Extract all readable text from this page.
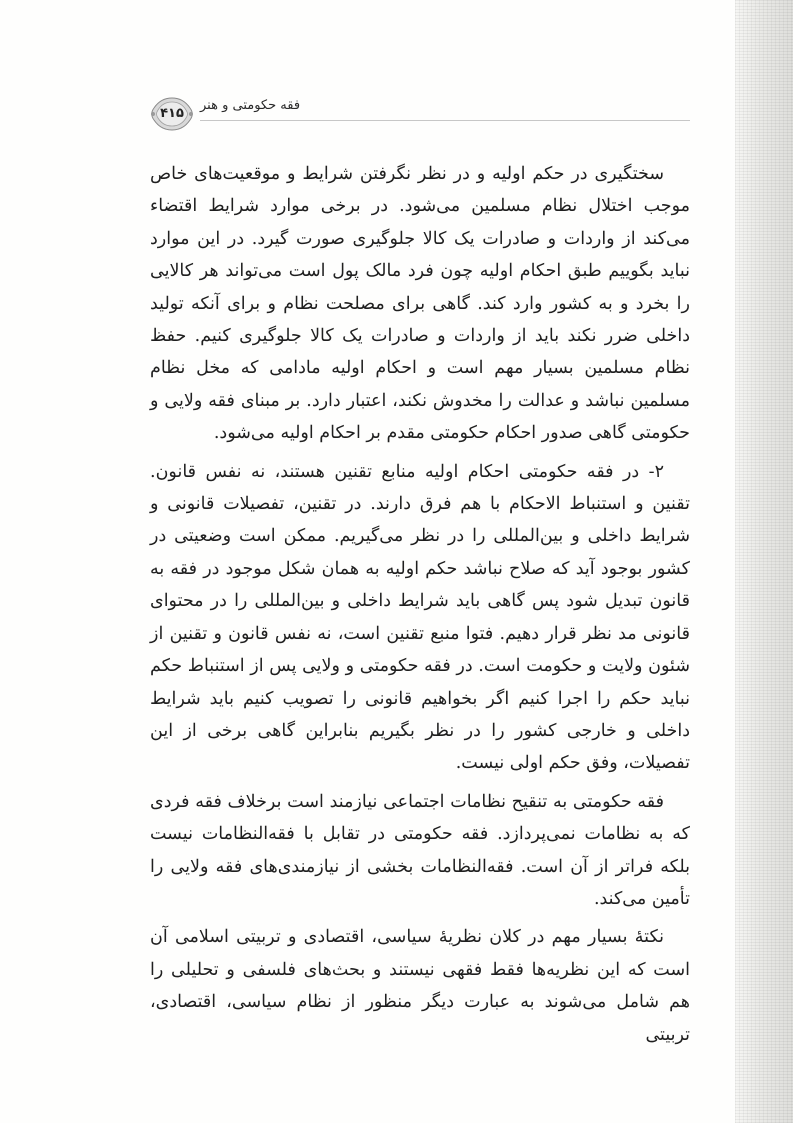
۴۱۵
فقه حکومتی و هنر

سختگیری در حکم اولیه و در نظر نگرفتن شرایط و موقعیت‌های خاص موجب اختلال نظام مسلمین می‌شود. در برخی موارد شرایط اقتضاء می‌کند از واردات و صادرات یک کالا جلوگیری صورت گیرد. در این موارد نباید بگوییم طبق احکام اولیه چون فرد مالک پول است می‌تواند هر کالایی را بخرد و به کشور وارد کند. گاهی برای مصلحت نظام و برای آنکه تولید داخلی ضرر نکند باید از واردات و صادرات یک کالا جلوگیری کنیم. حفظ نظام مسلمین بسیار مهم است و احکام اولیه مادامی که مخل نظام مسلمین نباشد و عدالت را مخدوش نکند، اعتبار دارد. بر مبنای فقه ولایی و حکومتی گاهی صدور احکام حکومتی مقدم بر احکام اولیه می‌شود.

۲- در فقه حکومتی احکام اولیه منابع تقنین هستند، نه نفس قانون. تقنین و استنباط الاحکام با هم فرق دارند. در تقنین، تفصیلات قانونی و شرایط داخلی و بین‌المللی را در نظر می‌گیریم. ممکن است وضعیتی در کشور بوجود آید که صلاح نباشد حکم اولیه به همان شکل موجود در فقه به قانون تبدیل شود پس گاهی باید شرایط داخلی و بین‌المللی را در محتوای قانونی مد نظر قرار دهیم. فتوا منبع تقنین است، نه نفس قانون و تقنین از شئون ولایت و حکومت است. در فقه حکومتی و ولایی پس از استنباط حکم نباید حکم را اجرا کنیم اگر بخواهیم قانونی را تصویب کنیم باید شرایط داخلی و خارجی کشور را در نظر بگیریم بنابراین گاهی برخی از این تفصیلات، وفق حکم اولی نیست.

فقه حکومتی به تنقیح نظامات اجتماعی نیازمند است برخلاف فقه فردی که به نظامات نمی‌پردازد. فقه حکومتی در تقابل با فقه‌النظامات نیست بلکه فراتر از آن است. فقه‌النظامات بخشی از نیازمندی‌های فقه ولایی را تأمین می‌کند.

نکتهٔ بسیار مهم در کلان نظریهٔ سیاسی، اقتصادی و تربیتی اسلامی آن است که این نظریه‌ها فقط فقهی نیستند و بحث‌های فلسفی و تحلیلی را هم شامل می‌شوند به عبارت دیگر منظور از نظام سیاسی، اقتصادی، تربیتی
